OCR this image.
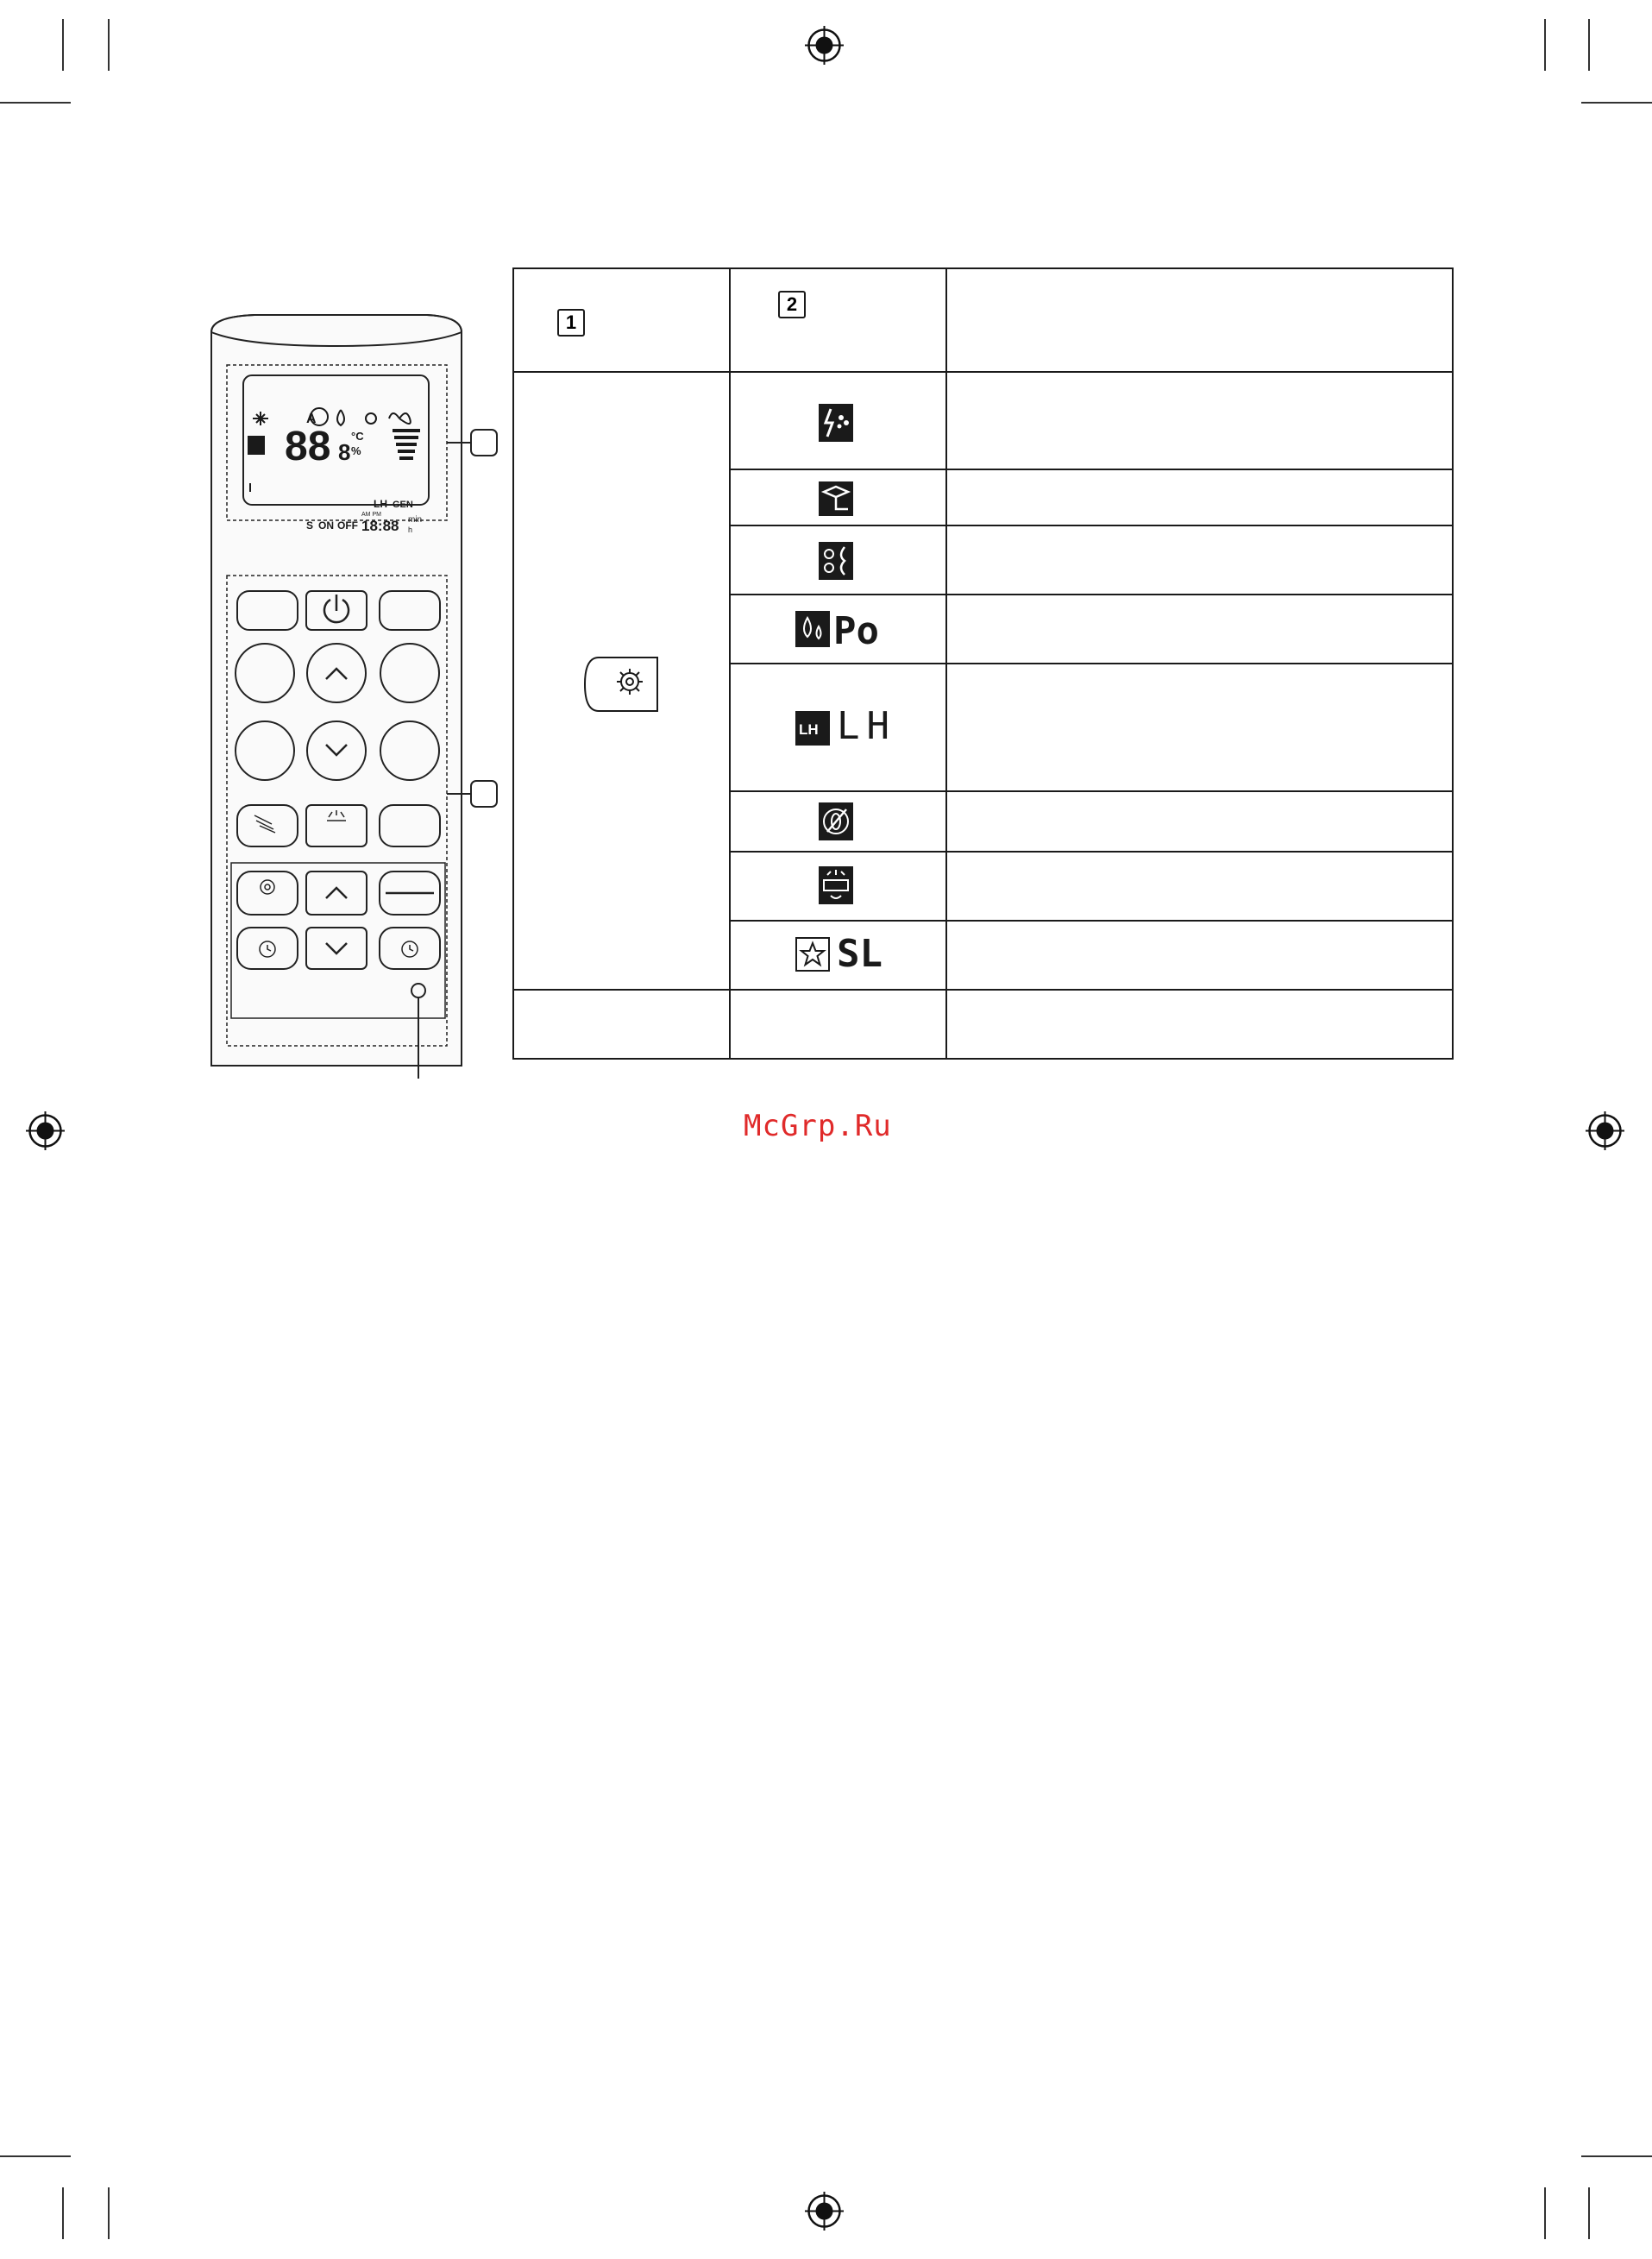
88 8
°C
%
A
LH GEN
S ON OFF 18:88
AM PM
min
h
1
2
Po
LH LH
SL
McGrp.Ru
